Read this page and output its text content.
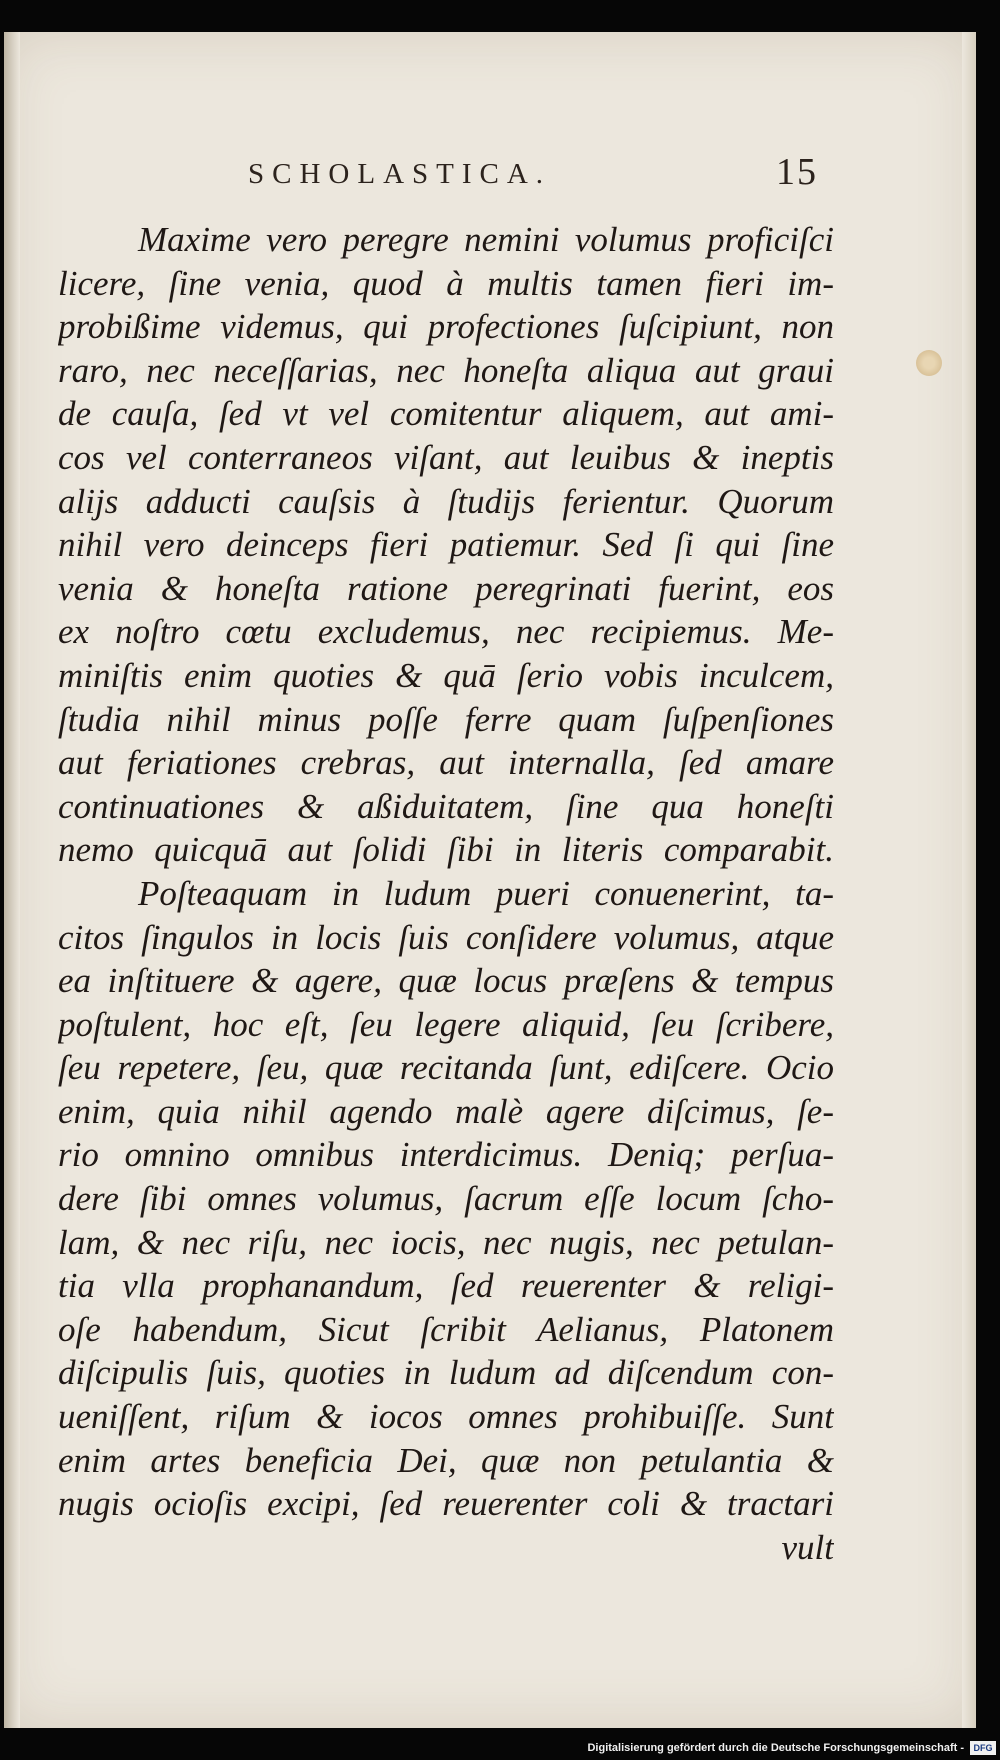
SCHOLASTICA.	15
Maxime vero peregre nemini volumus proficiſci
licere, ſine venia, quod à multis tamen fieri im-
probißime videmus, qui profectiones ſuſcipiunt, non
raro, nec neceſſarias, nec honeſta aliqua aut graui
de cauſa, ſed vt vel comitentur aliquem, aut ami-
cos vel conterraneos viſant, aut leuibus & ineptis
alijs adducti cauſsis à ſtudijs ferientur. Quorum
nihil vero deinceps fieri patiemur. Sed ſi qui ſine
venia & honeſta ratione peregrinati fuerint, eos
ex noſtro cœtu excludemus, nec recipiemus. Me-
miniſtis enim quoties & quā ſerio vobis inculcem,
ſtudia nihil minus poſſe ferre quam ſuſpenſiones
aut feriationes crebras, aut internalla, ſed amare
continuationes & aßiduitatem, ſine qua honeſti
nemo quicquā aut ſolidi ſibi in literis comparabit.
Poſteaquam in ludum pueri conuenerint, ta-
citos ſingulos in locis ſuis conſidere volumus, atque
ea inſtituere & agere, quæ locus præſens & tempus
poſtulent, hoc eſt, ſeu legere aliquid, ſeu ſcribere,
ſeu repetere, ſeu, quæ recitanda ſunt, ediſcere. Ocio
enim, quia nihil agendo malè agere diſcimus, ſe-
rio omnino omnibus interdicimus. Deniq; perſua-
dere ſibi omnes volumus, ſacrum eſſe locum ſcho-
lam, & nec riſu, nec iocis, nec nugis, nec petulan-
tia vlla prophanandum, ſed reuerenter & religi-
oſe habendum, Sicut ſcribit Aelianus, Platonem
diſcipulis ſuis, quoties in ludum ad diſcendum con-
ueniſſent, riſum & iocos omnes prohibuiſſe. Sunt
enim artes beneficia Dei, quæ non petulantia &
nugis ocioſis excipi, ſed reuerenter coli & tractari
vult
Digitalisierung gefördert durch die Deutsche Forschungsgemeinschaft -	DFG
